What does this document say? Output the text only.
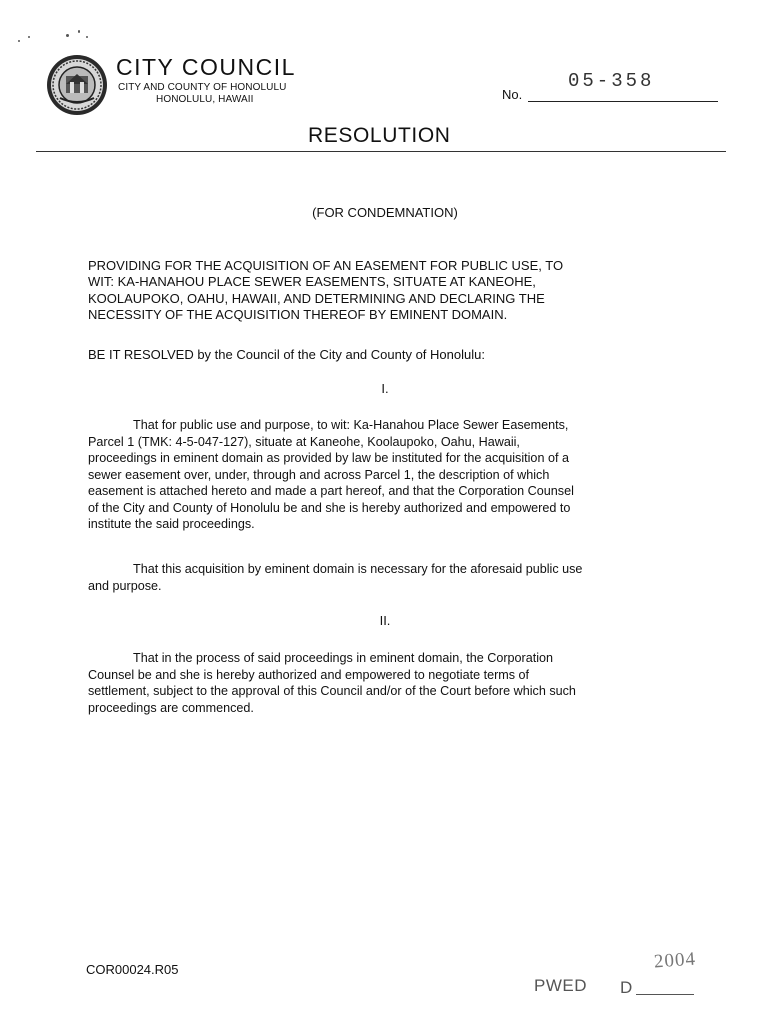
CITY COUNCIL
CITY AND COUNTY OF HONOLULU
HONOLULU, HAWAII	No.
05-358
RESOLUTION
(FOR CONDEMNATION)
PROVIDING FOR THE ACQUISITION OF AN EASEMENT FOR PUBLIC USE, TO
WIT: KA-HANAHOU PLACE SEWER EASEMENTS, SITUATE AT KANEOHE,
KOOLAUPOKO, OAHU, HAWAII, AND DETERMINING AND DECLARING THE
NECESSITY OF THE ACQUISITION THEREOF BY EMINENT DOMAIN.
BE IT RESOLVED by the Council of the City and County of Honolulu:
I.
That for public use and purpose, to wit: Ka-Hanahou Place Sewer Easements,
Parcel 1 (TMK: 4-5-047-127), situate at Kaneohe, Koolaupoko, Oahu, Hawaii,
proceedings in eminent domain as provided by law be instituted for the acquisition of a
sewer easement over, under, through and across Parcel 1, the description of which
easement is attached hereto and made a part hereof, and that the Corporation Counsel
of the City and County of Honolulu be and she is hereby authorized and empowered to
institute the said proceedings.
That this acquisition by eminent domain is necessary for the aforesaid public use
and purpose.
II.
That in the process of said proceedings in eminent domain, the Corporation
Counsel be and she is hereby authorized and empowered to negotiate terms of
settlement, subject to the approval of this Council and/or of the Court before which such
proceedings are commenced.
COR00024.R05	2004
PWED D
